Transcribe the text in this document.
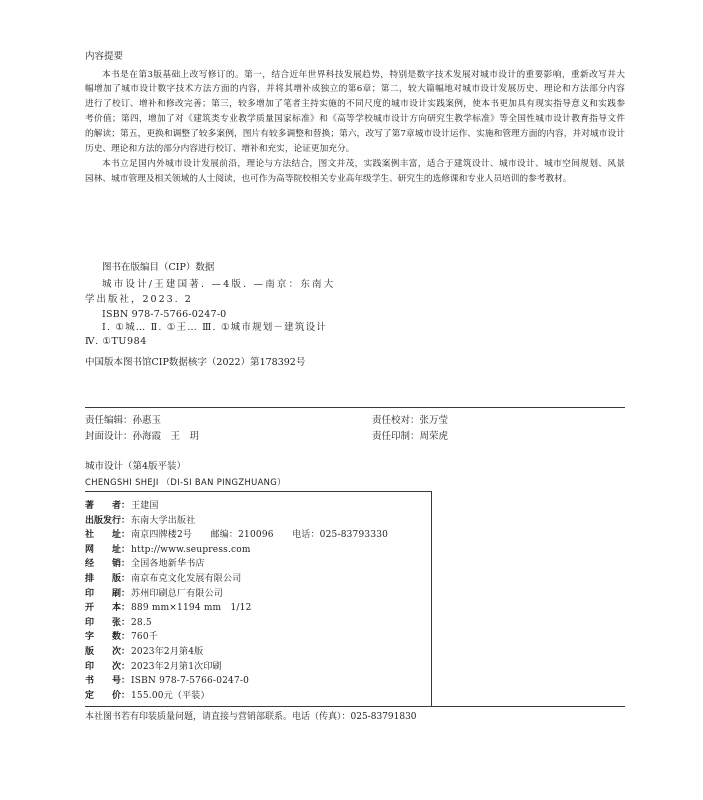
内容提要
本书是在第3版基础上改写修订的。第一，结合近年世界科技发展趋势，特别是数字技术发展对城市设计的重要影响，重新改写并大
幅增加了城市设计数字技术方法方面的内容，并将其增补成独立的第6章；第二，较大篇幅地对城市设计发展历史、理论和方法部分内容
进行了校订、增补和修改完善；第三，较多增加了笔者主持实施的不同尺度的城市设计实践案例，使本书更加具有现实指导意义和实践参
考价值；第四，增加了对《建筑类专业教学质量国家标准》和《高等学校城市设计方向研究生教学标准》等全国性城市设计教育指导文件
的解读；第五，更换和调整了较多案例，图片有较多调整和替换；第六，改写了第7章城市设计运作、实施和管理方面的内容，并对城市设计
历史、理论和方法的部分内容进行校订、增补和充实，论证更加充分。
本书立足国内外城市设计发展前沿，理论与方法结合，图文并茂，实践案例丰富，适合于建筑设计、城市设计、城市空间规划、风景
园林、城市管理及相关领域的人士阅读，也可作为高等院校相关专业高年级学生、研究生的选修课和专业人员培训的参考教材。
图书在版编目（CIP）数据
城市设计/王建国著. —4版. —南京：东南大
学出版社，2023. 2
ISBN 978-7-5766-0247-0
Ⅰ. ①城… Ⅱ. ①王… Ⅲ. ①城市规划－建筑设计
Ⅳ. ①TU984
中国版本图书馆CIP数据核字（2022）第178392号
责任编辑：孙惠玉	责任校对：张万莹
封面设计：孙海霞　王　玥	责任印制：周荣虎
城市设计（第4版平装）
CHENGSHI SHEJI （DI-SI BAN PINGZHUANG）
著　　者：王建国
出版发行：东南大学出版社
社　　址：南京四牌楼2号　　邮编：210096　　电话：025-83793330
网　　址：http://www.seupress.com
经　　销：全国各地新华书店
排　　版：南京布克文化发展有限公司
印　　刷：苏州印刷总厂有限公司
开　　本：889 mm×1194 mm　1/12
印　　张：28.5
字　　数：760千
版　　次：2023年2月第4版
印　　次：2023年2月第1次印刷
书　　号：ISBN 978-7-5766-0247-0
定　　价：155.00元（平装）
本社图书若有印装质量问题，请直接与营销部联系。电话（传真）：025-83791830
